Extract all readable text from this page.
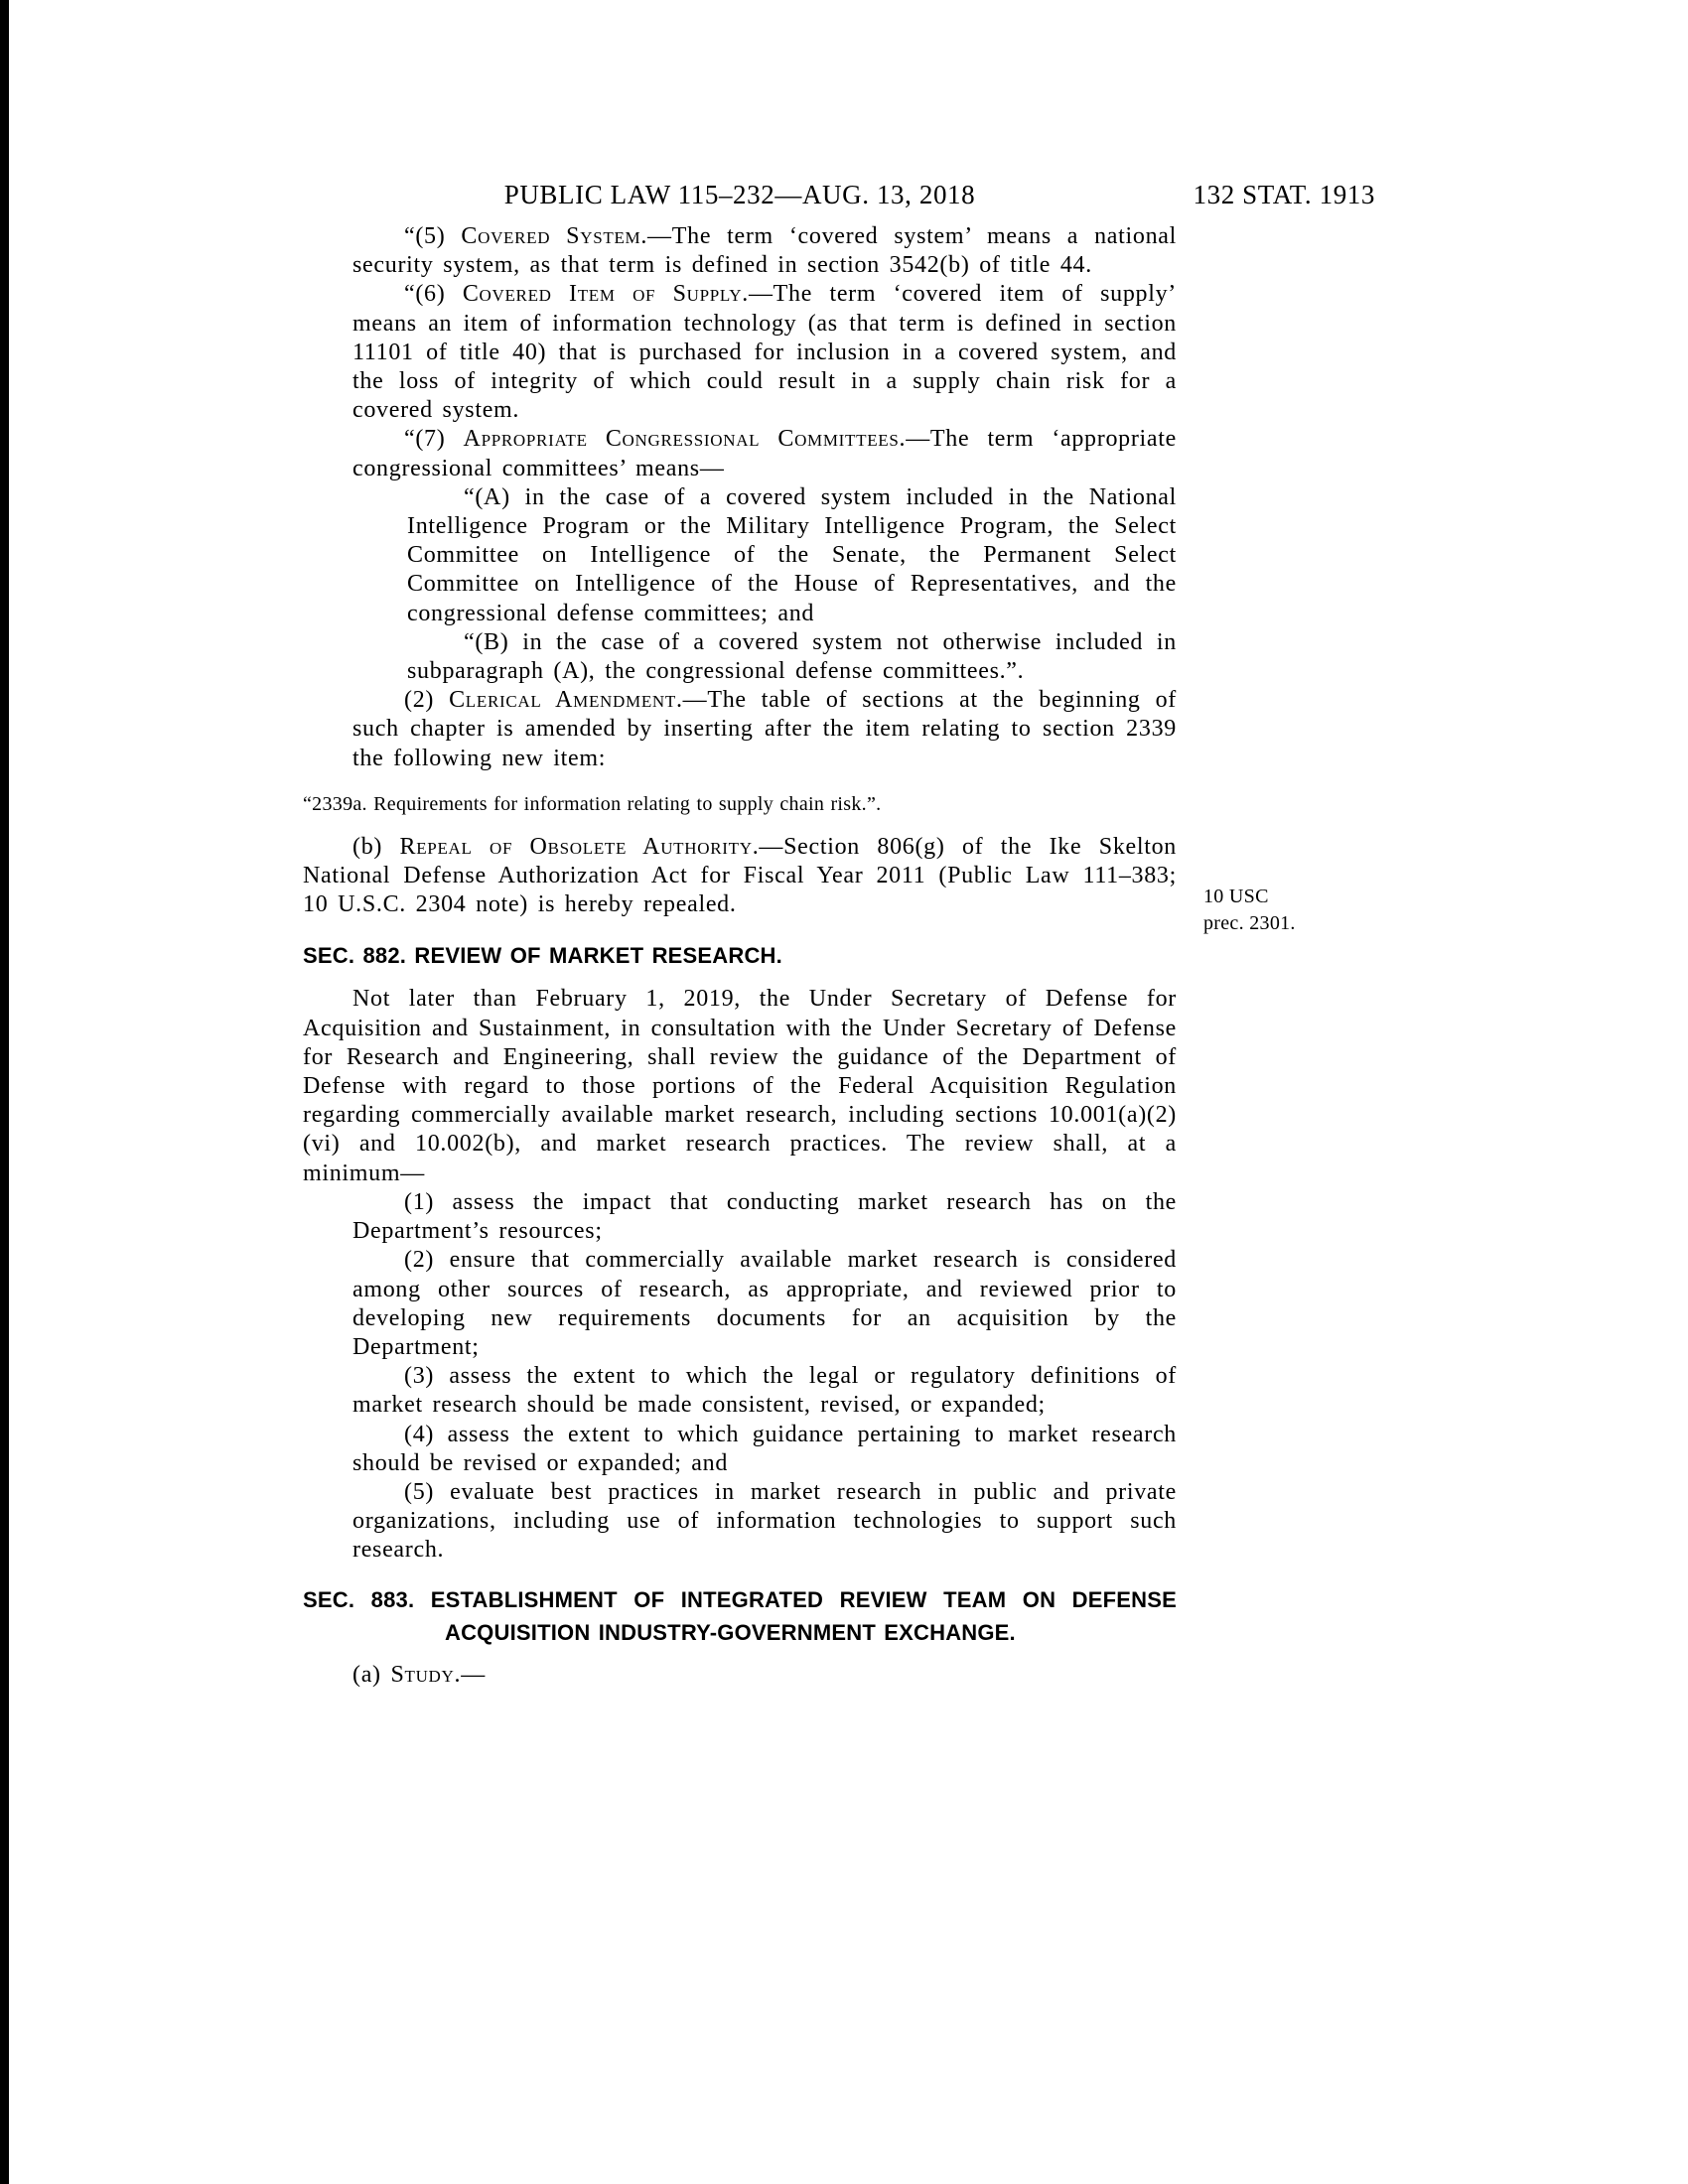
PUBLIC LAW 115–232—AUG. 13, 2018	132 STAT. 1913
“(5) Covered System.—The term ‘covered system’ means a national security system, as that term is defined in section 3542(b) of title 44.
“(6) Covered Item of Supply.—The term ‘covered item of supply’ means an item of information technology (as that term is defined in section 11101 of title 40) that is purchased for inclusion in a covered system, and the loss of integrity of which could result in a supply chain risk for a covered system.
“(7) Appropriate Congressional Committees.—The term ‘appropriate congressional committees’ means—
“(A) in the case of a covered system included in the National Intelligence Program or the Military Intelligence Program, the Select Committee on Intelligence of the Senate, the Permanent Select Committee on Intelligence of the House of Representatives, and the congressional defense committees; and
“(B) in the case of a covered system not otherwise included in subparagraph (A), the congressional defense committees.”.
(2) Clerical Amendment.—The table of sections at the beginning of such chapter is amended by inserting after the item relating to section 2339 the following new item:
“2339a. Requirements for information relating to supply chain risk.”.
(b) Repeal of Obsolete Authority.—Section 806(g) of the Ike Skelton National Defense Authorization Act for Fiscal Year 2011 (Public Law 111–383; 10 U.S.C. 2304 note) is hereby repealed.
SEC. 882. REVIEW OF MARKET RESEARCH.
Not later than February 1, 2019, the Under Secretary of Defense for Acquisition and Sustainment, in consultation with the Under Secretary of Defense for Research and Engineering, shall review the guidance of the Department of Defense with regard to those portions of the Federal Acquisition Regulation regarding commercially available market research, including sections 10.001(a)(2)(vi) and 10.002(b), and market research practices. The review shall, at a minimum—
(1) assess the impact that conducting market research has on the Department’s resources;
(2) ensure that commercially available market research is considered among other sources of research, as appropriate, and reviewed prior to developing new requirements documents for an acquisition by the Department;
(3) assess the extent to which the legal or regulatory definitions of market research should be made consistent, revised, or expanded;
(4) assess the extent to which guidance pertaining to market research should be revised or expanded; and
(5) evaluate best practices in market research in public and private organizations, including use of information technologies to support such research.
SEC. 883. ESTABLISHMENT OF INTEGRATED REVIEW TEAM ON DEFENSE ACQUISITION INDUSTRY-GOVERNMENT EXCHANGE.
(a) Study.—
10 USC
prec. 2301.
